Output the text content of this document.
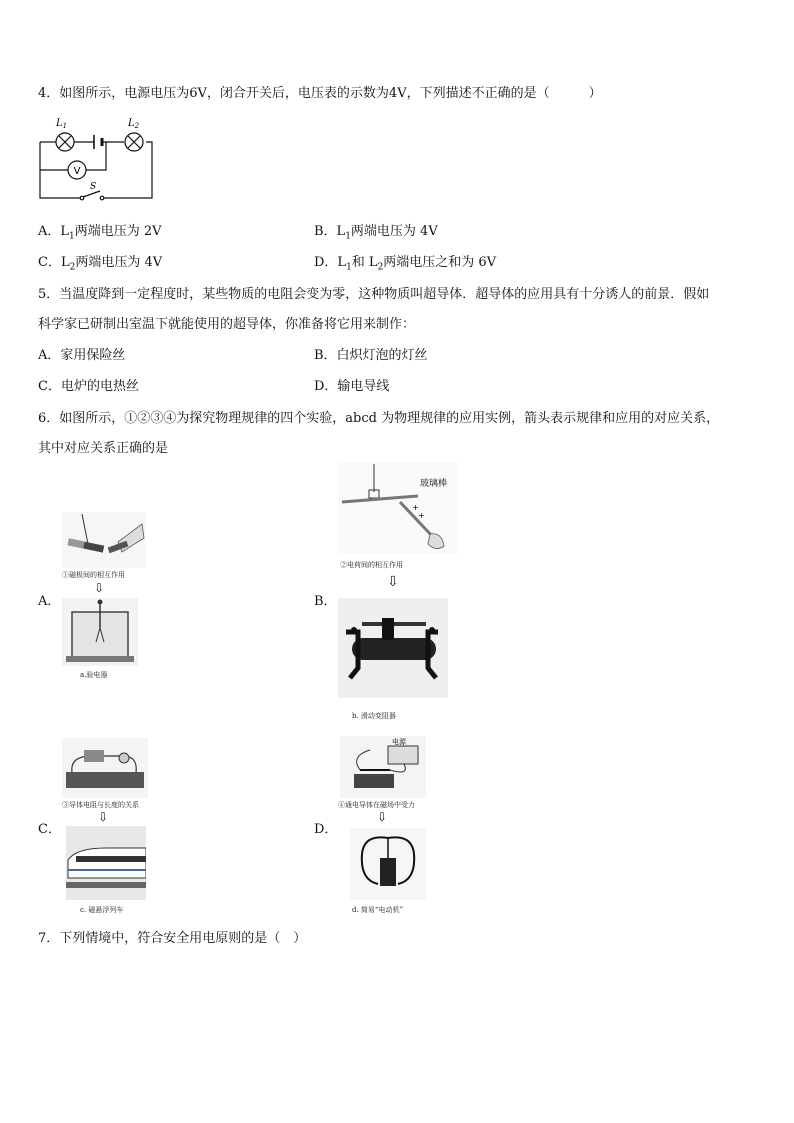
4．如图所示，电源电压为6V，闭合开关后，电压表的示数为4V，下列描述不正确的是（　　　）
V
$L_1$	$L_2$
S
A．$L_1$两端电压为 2V	B．$L_1$两端电压为 4V
C．$L_2$两端电压为 4V	D．$L_1$和 $L_2$两端电压之和为 6V
5．当温度降到一定程度时，某些物质的电阻会变为零，这种物质叫超导体．超导体的应用具有十分诱人的前景．假如
科学家已研制出室温下就能使用的超导体，你准备将它用来制作：
A．家用保险丝	B．白炽灯泡的灯丝
C．电炉的电热丝	D．输电导线
6．如图所示，①②③④为探究物理规律的四个实验，abcd 为物理规律的应用实例，箭头表示规律和应用的对应关系，
其中对应关系正确的是
A．
①磁极间的相互作用
⇩
a.验电器
B．
+
+
玻璃棒
②电荷间的相互作用
⇩
b. 滑动变阻器
C．
③导体电阻与长度的关系
⇩
c. 磁悬浮列车
D．
电源
④通电导体在磁场中受力
⇩
d. 简易“电动机”
7．下列情境中，符合安全用电原则的是（　）
